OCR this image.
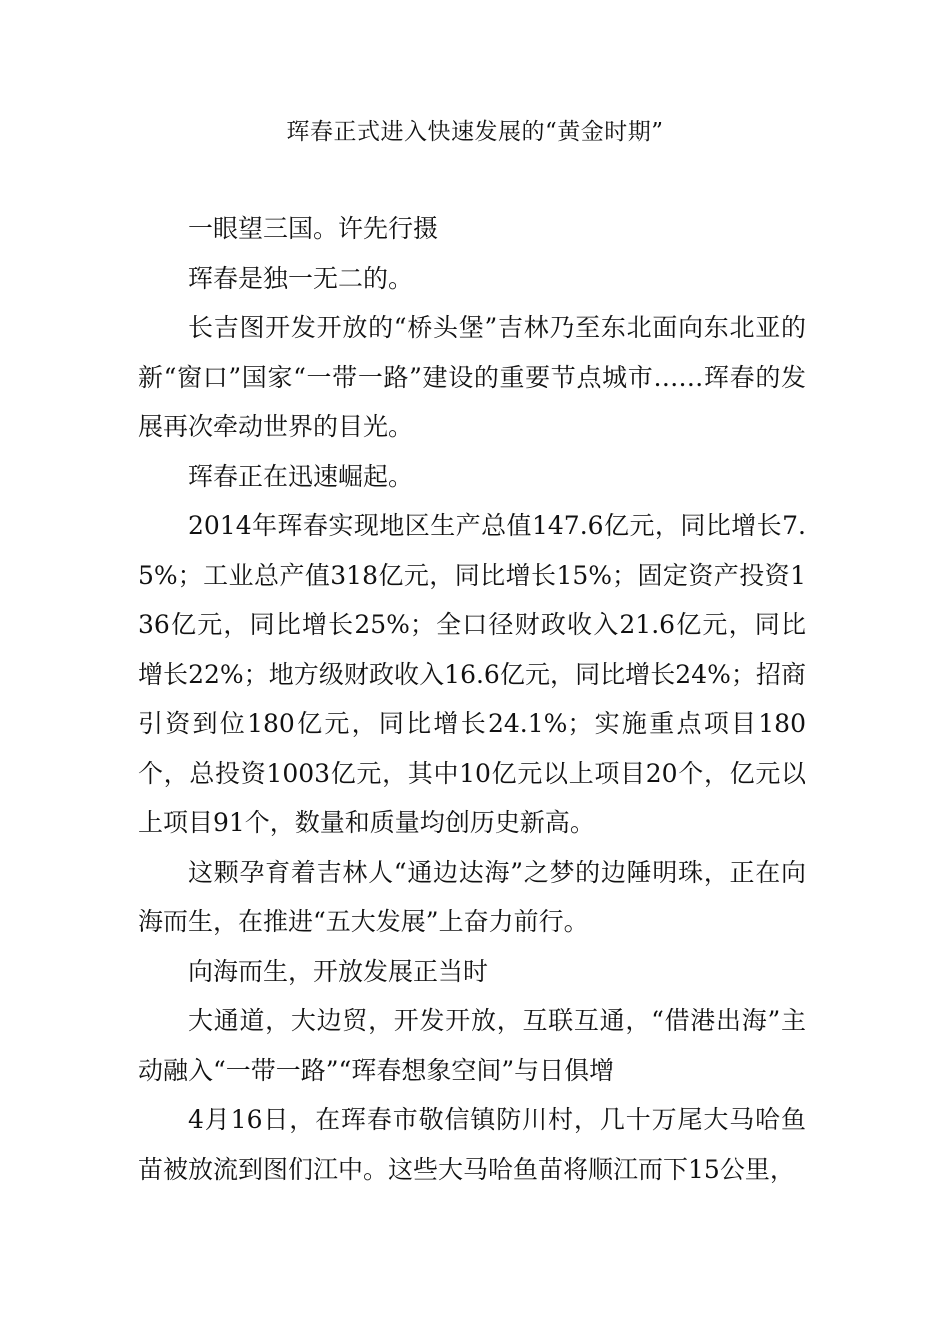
珲春正式进入快速发展的“黄金时期”

一眼望三国。许先行摄

珲春是独一无二的。

长吉图开发开放的“桥头堡”吉林乃至东北面向东北亚的新“窗口”国家“一带一路”建设的重要节点城市……珲春的发展再次牵动世界的目光。

珲春正在迅速崛起。

2014年珲春实现地区生产总值147.6亿元，同比增长7.5%；工业总产值318亿元，同比增长15%；固定资产投资136亿元，同比增长25%；全口径财政收入21.6亿元，同比增长22%；地方级财政收入16.6亿元，同比增长24%；招商引资到位180亿元，同比增长24.1%；实施重点项目180个，总投资1003亿元，其中10亿元以上项目20个，亿元以上项目91个，数量和质量均创历史新高。

这颗孕育着吉林人“通边达海”之梦的边陲明珠，正在向海而生，在推进“五大发展”上奋力前行。

向海而生，开放发展正当时

大通道，大边贸，开发开放，互联互通，“借港出海”主动融入“一带一路”“珲春想象空间”与日俱增

4月16日，在珲春市敬信镇防川村，几十万尾大马哈鱼苗被放流到图们江中。这些大马哈鱼苗将顺江而下15公里，
